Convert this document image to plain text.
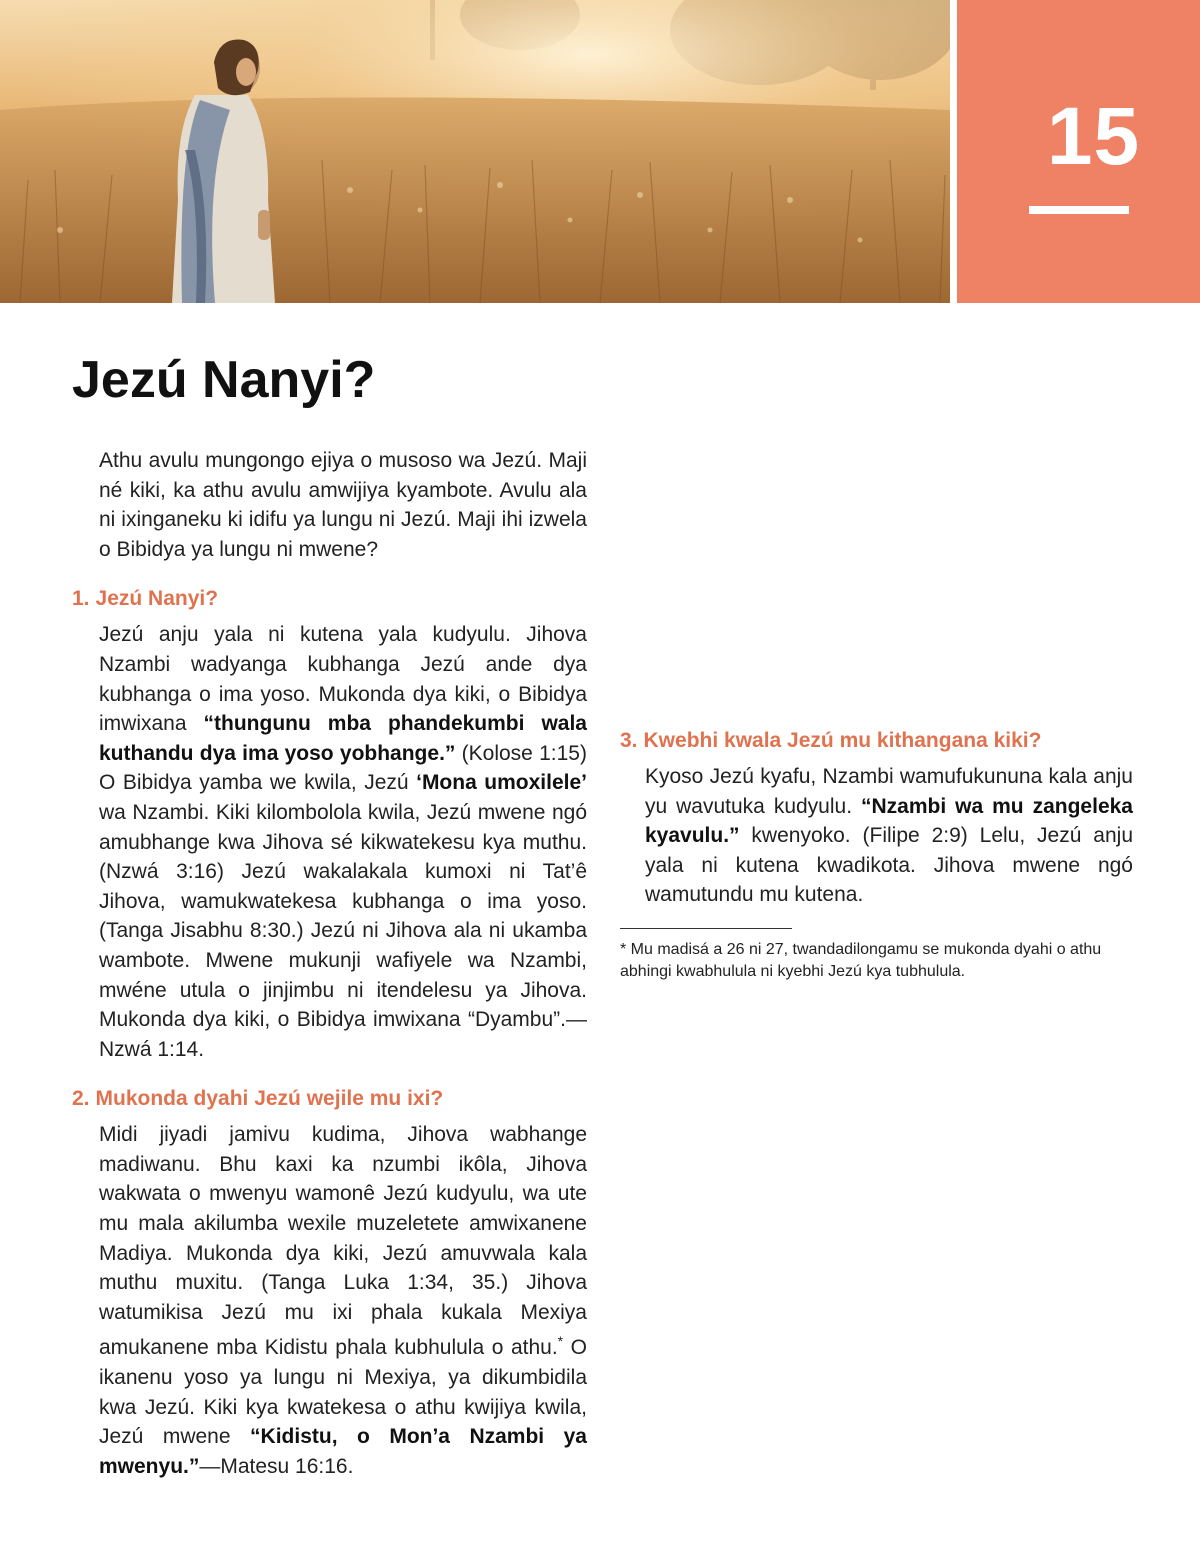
15
Jezú Nanyi?

Athu avulu mungongo ejiya o musoso wa Jezú. Maji né kiki, ka athu avulu amwijiya kyambote. Avulu ala ni ixinganeku ki idifu ya lungu ni Jezú. Maji ihi izwela o Bibidya ya lungu ni mwene?

1. Jezú Nanyi?

Jezú anju yala ni kutena yala kudyulu. Jihova Nzambi wadyanga kubhanga Jezú ande dya kubhanga o ima yoso. Mukonda dya kiki, o Bibidya imwixana “thungunu mba phandekumbi wala kuthandu dya ima yoso yobhange.” (Kolose 1:15) O Bibidya yamba we kwila, Jezú ‘Mona umoxilele’ wa Nzambi. Kiki kilombolola kwila, Jezú mwene ngó amubhange kwa Jihova sé kikwatekesu kya muthu. (Nzwá 3:16) Jezú wakalakala kumoxi ni Tat’ê Jihova, wamukwatekesa kubhanga o ima yoso. (Tanga Jisabhu 8:30.) Jezú ni Jihova ala ni ukamba wambote. Mwene mukunji wafiyele wa Nzambi, mwéne utula o jinjimbu ni itendelesu ya Jihova. Mukonda dya kiki, o Bibidya imwixana “Dyambu”.—Nzwá 1:14.

2. Mukonda dyahi Jezú wejile mu ixi?

Midi jiyadi jamivu kudima, Jihova wabhange madiwanu. Bhu kaxi ka nzumbi ikôla, Jihova wakwata o mwenyu wamonê Jezú kudyulu, wa ute mu mala akilumba wexile muzeletete amwixanene Madiya. Mukonda dya kiki, Jezú amuvwala kala muthu muxitu. (Tanga Luka 1:34, 35.) Jihova watumikisa Jezú mu ixi phala kukala Mexiya amukanene mba Kidistu phala kubhulula o athu.* O ikanenu yoso ya lungu ni Mexiya, ya dikumbidila kwa Jezú. Kiki kya kwatekesa o athu kwijiya kwila, Jezú mwene “Kidistu, o Mon’a Nzambi ya mwenyu.”—Matesu 16:16.

3. Kwebhi kwala Jezú mu kithangana kiki?

Kyoso Jezú kyafu, Nzambi wamufukununa kala anju yu wavutuka kudyulu. “Nzambi wa mu zangeleka kyavulu.” kwenyoko. (Filipe 2:9) Lelu, Jezú anju yala ni kutena kwadikota. Jihova mwene ngó wamutundu mu kutena.

* Mu madisá a 26 ni 27, twandadilongamu se mukonda dyahi o athu abhingi kwabhulula ni kyebhi Jezú kya tubhulula.
